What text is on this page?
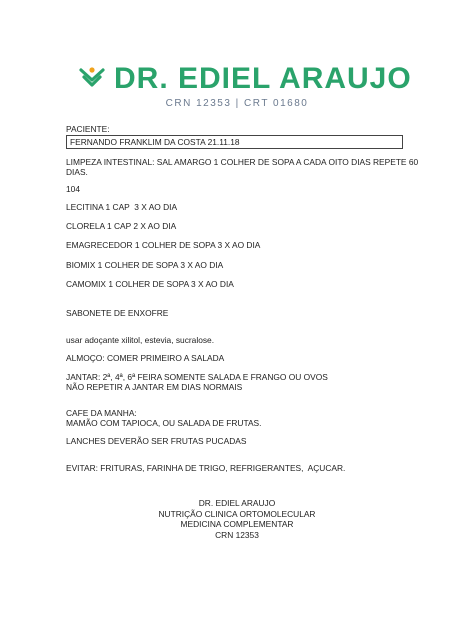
DR. EDIEL ARAUJO
CRN 12353 | CRT 01680
PACIENTE:
FERNANDO FRANKLIM DA COSTA 21.11.18
LIMPEZA INTESTINAL: SAL AMARGO 1 COLHER DE SOPA A CADA OITO DIAS REPETE 60
DIAS.
104
LECITINA 1 CAP  3 X AO DIA
CLORELA 1 CAP 2 X AO DIA
EMAGRECEDOR 1 COLHER DE SOPA 3 X AO DIA
BIOMIX 1 COLHER DE SOPA 3 X AO DIA
CAMOMIX 1 COLHER DE SOPA 3 X AO DIA
SABONETE DE ENXOFRE
usar adoçante xilitol, estevia, sucralose.
ALMOÇO: COMER PRIMEIRO A SALADA
JANTAR: 2ª, 4ª, 6ª FEIRA SOMENTE SALADA E FRANGO OU OVOS
NÃO REPETIR A JANTAR EM DIAS NORMAIS
CAFE DA MANHA:
MAMÃO COM TAPIOCA, OU SALADA DE FRUTAS.
LANCHES DEVERÃO SER FRUTAS PUCADAS
EVITAR: FRITURAS, FARINHA DE TRIGO, REFRIGERANTES,  AÇUCAR.
DR. EDIEL ARAUJO
NUTRIÇÃO CLINICA ORTOMOLECULAR
MEDICINA COMPLEMENTAR
CRN 12353
